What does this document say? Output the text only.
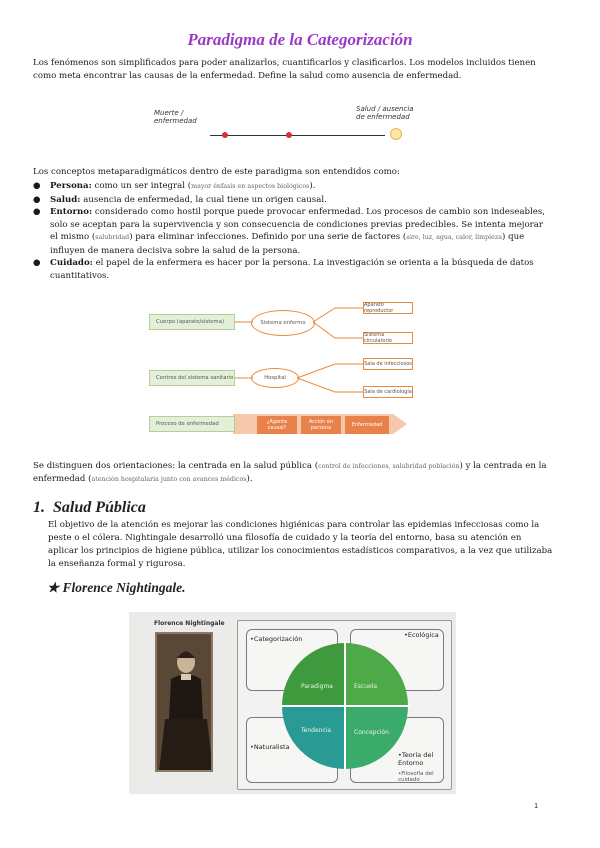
Paradigma de la Categorización
Los fenómenos son simplificados para poder analizarlos, cuantificarlos y clasificarlos. Los modelos incluidos tienen como meta encontrar las causas de la enfermedad. Define la salud como ausencia de enfermedad.
Muerte /
enfermedad
Salud / ausencia
de enfermedad
Los conceptos metaparadigmáticos dentro de este paradigma son entendidos como:
● Persona: como un ser integral (mayor énfasis en aspectos biológicos).
● Salud: ausencia de enfermedad, la cual tiene un origen causal.
● Entorno: considerado como hostil porque puede provocar enfermedad. Los procesos de cambio son indeseables, solo se aceptan para la supervivencia y son consecuencia de condiciones previas predecibles. Se intenta mejorar el mismo (salubridad) para eliminar infecciones. Definido por una serie de factores (aire, luz, agua, calor, limpieza) que influyen de manera decisiva sobre la salud de la persona.
● Cuidado: el papel de la enfermera es hacer por la persona. La investigación se orienta a la búsqueda de datos cuantitativos.
Cuerpo (aparato/sistema)
Centros del sistema sanitario
Proceso de enfermedad
Sistema enfermo
Hospital
Aparato reproductor
Sistema circulatorio
Sala de infecciosos
Sala de cardiología
¿Agente causal?
Acción en persona	Enfermedad
Se distinguen dos orientaciones: la centrada en la salud pública (control de infecciones, salubridad población) y la centrada en la enfermedad (atención hospitalaria junto con avances médicos).
1. Salud Pública
El objetivo de la atención es mejorar las condiciones higiénicas para controlar las epidemias infecciosas como la peste o el cólera. Nightingale desarrolló una filosofía de cuidado y la teoría del entorno, basa su atención en aplicar los principios de higiene pública, utilizar los conocimientos estadísticos comparativos, a la vez que utilizaba la enseñanza formal y rigurosa.
★ Florence Nightingale.
Florence Nightingale
Paradigma	Escuela
Tendencia	Concepción
•Categorización	•Ecológica
•Naturalista
•Teoría del Entorno
•Filosofía del cuidado
1
